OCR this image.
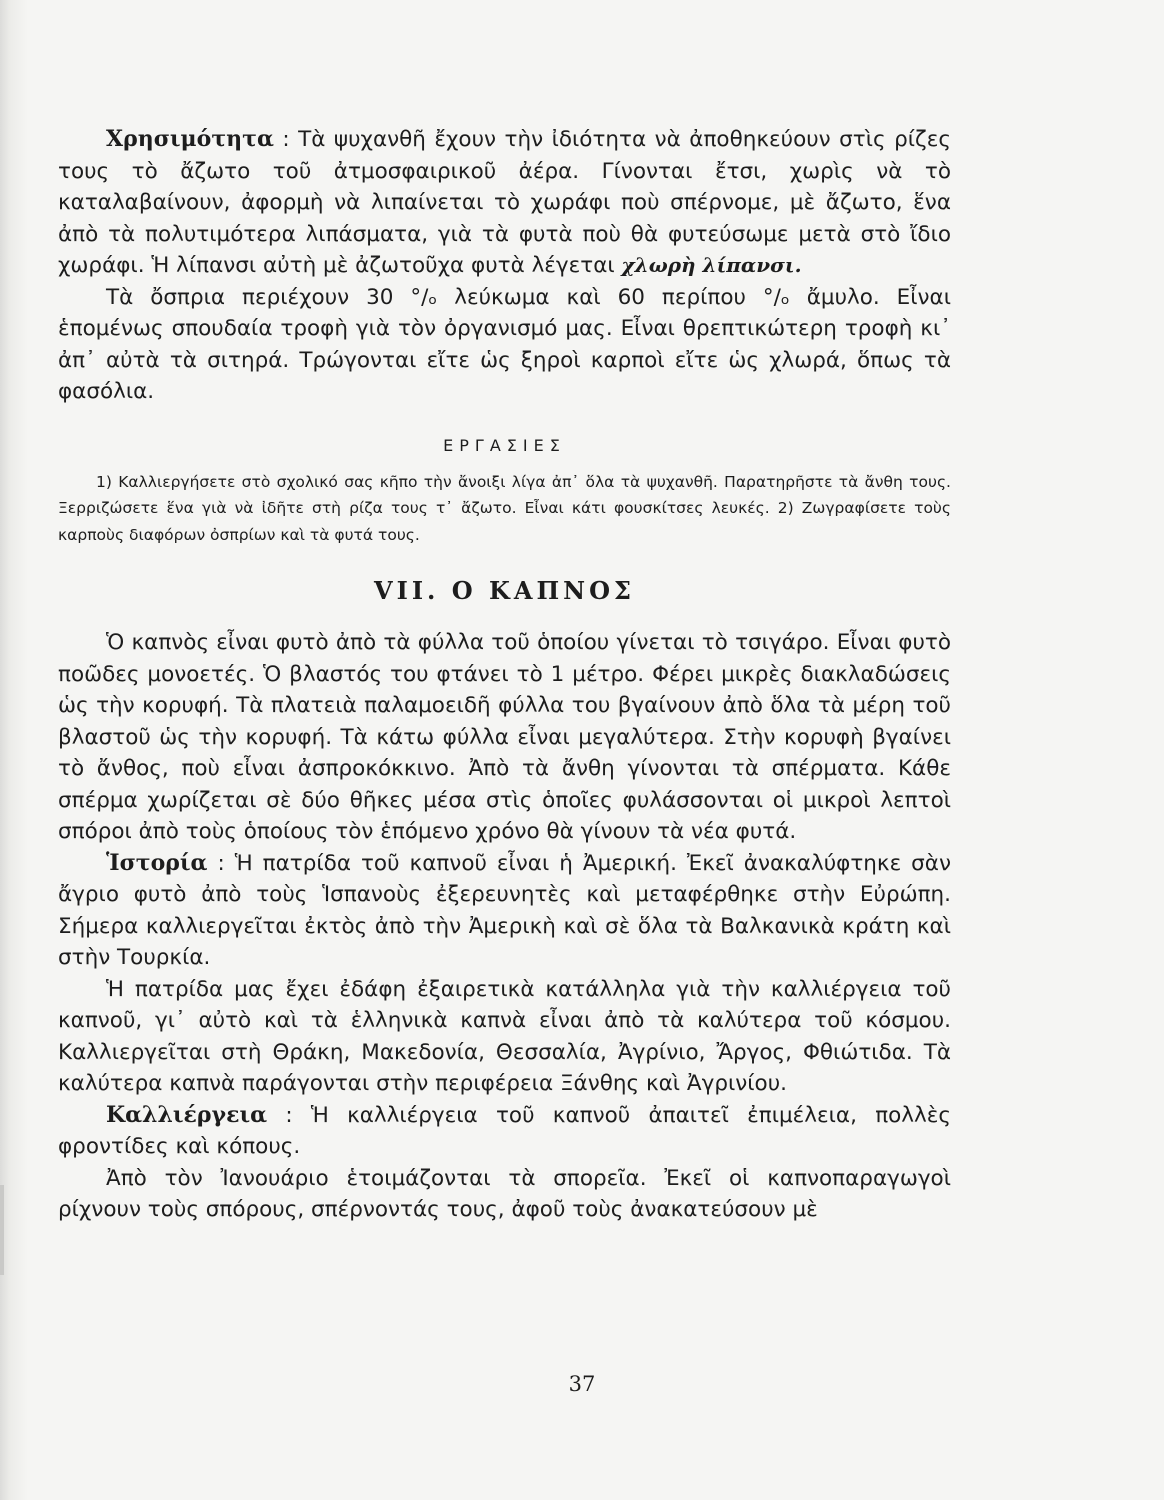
Χρησιμότητα : Τὰ ψυχανθῆ ἔχουν τὴν ἰδιότητα νὰ ἀποθηκεύουν στὶς ρίζες τους τὸ ἄζωτο τοῦ ἀτμοσφαιρικοῦ ἀέρα. Γίνονται ἔτσι, χωρὶς νὰ τὸ καταλαβαίνουν, ἀφορμὴ νὰ λιπαίνεται τὸ χωράφι ποὺ σπέρνομε, μὲ ἄζωτο, ἕνα ἀπὸ τὰ πολυτιμότερα λιπάσματα, γιὰ τὰ φυτὰ ποὺ θὰ φυτεύσωμε μετὰ στὸ ἴδιο χωράφι. Ἡ λίπανσι αὐτὴ μὲ ἀζωτοῦχα φυτὰ λέγεται χλωρὴ λίπανσι.

Τὰ ὄσπρια περιέχουν 30 °/ₒ λεύκωμα καὶ 60 περίπου °/ₒ ἄμυλο. Εἶναι ἑπομένως σπουδαία τροφὴ γιὰ τὸν ὀργανισμό μας. Εἶναι θρεπτικώτερη τροφὴ κι᾿ ἀπ᾿ αὐτὰ τὰ σιτηρά. Τρώγονται εἴτε ὡς ξηροὶ καρποὶ εἴτε ὡς χλωρά, ὅπως τὰ φασόλια.

ΕΡΓΑΣΙΕΣ

1) Καλλιεργήσετε στὸ σχολικό σας κῆπο τὴν ἄνοιξι λίγα ἀπ᾿ ὅλα τὰ ψυχανθῆ. Παρατηρῆστε τὰ ἄνθη τους. Ξερριζώσετε ἕνα γιὰ νὰ ἰδῆτε στὴ ρίζα τους τ᾿ ἄζωτο. Εἶναι κάτι φουσκίτσες λευκές. 2) Ζωγραφίσετε τοὺς καρποὺς διαφόρων ὀσπρίων καὶ τὰ φυτά τους.

VII. Ο ΚΑΠΝΟΣ

Ὁ καπνὸς εἶναι φυτὸ ἀπὸ τὰ φύλλα τοῦ ὁποίου γίνεται τὸ τσιγάρο. Εἶναι φυτὸ ποῶδες μονοετές. Ὁ βλαστός του φτάνει τὸ 1 μέτρο. Φέρει μικρὲς διακλαδώσεις ὡς τὴν κορυφή. Τὰ πλατειὰ παλαμοειδῆ φύλλα του βγαίνουν ἀπὸ ὅλα τὰ μέρη τοῦ βλαστοῦ ὡς τὴν κορυφή. Τὰ κάτω φύλλα εἶναι μεγαλύτερα. Στὴν κορυφὴ βγαίνει τὸ ἄνθος, ποὺ εἶναι ἀσπροκόκκινο. Ἀπὸ τὰ ἄνθη γίνονται τὰ σπέρματα. Κάθε σπέρμα χωρίζεται σὲ δύο θῆκες μέσα στὶς ὁποῖες φυλάσσονται οἱ μικροὶ λεπτοὶ σπόροι ἀπὸ τοὺς ὁποίους τὸν ἑπόμενο χρόνο θὰ γίνουν τὰ νέα φυτά.

Ἱστορία : Ἡ πατρίδα τοῦ καπνοῦ εἶναι ἡ Ἀμερική. Ἐκεῖ ἀνακαλύφτηκε σὰν ἄγριο φυτὸ ἀπὸ τοὺς Ἱσπανοὺς ἐξερευνητὲς καὶ μεταφέρθηκε στὴν Εὐρώπη. Σήμερα καλλιεργεῖται ἐκτὸς ἀπὸ τὴν Ἀμερικὴ καὶ σὲ ὅλα τὰ Βαλκανικὰ κράτη καὶ στὴν Τουρκία.

Ἡ πατρίδα μας ἔχει ἐδάφη ἐξαιρετικὰ κατάλληλα γιὰ τὴν καλλιέργεια τοῦ καπνοῦ, γι᾿ αὐτὸ καὶ τὰ ἑλληνικὰ καπνὰ εἶναι ἀπὸ τὰ καλύτερα τοῦ κόσμου. Καλλιεργεῖται στὴ Θράκη, Μακεδονία, Θεσσαλία, Ἀγρίνιο, Ἄργος, Φθιώτιδα. Τὰ καλύτερα καπνὰ παράγονται στὴν περιφέρεια Ξάνθης καὶ Ἀγρινίου.

Καλλιέργεια : Ἡ καλλιέργεια τοῦ καπνοῦ ἀπαιτεῖ ἐπιμέλεια, πολλὲς φροντίδες καὶ κόπους.

Ἀπὸ τὸν Ἰανουάριο ἑτοιμάζονται τὰ σπορεῖα. Ἐκεῖ οἱ καπνοπαραγωγοὶ ρίχνουν τοὺς σπόρους, σπέρνοντάς τους, ἀφοῦ τοὺς ἀνακατεύσουν μὲ

37
